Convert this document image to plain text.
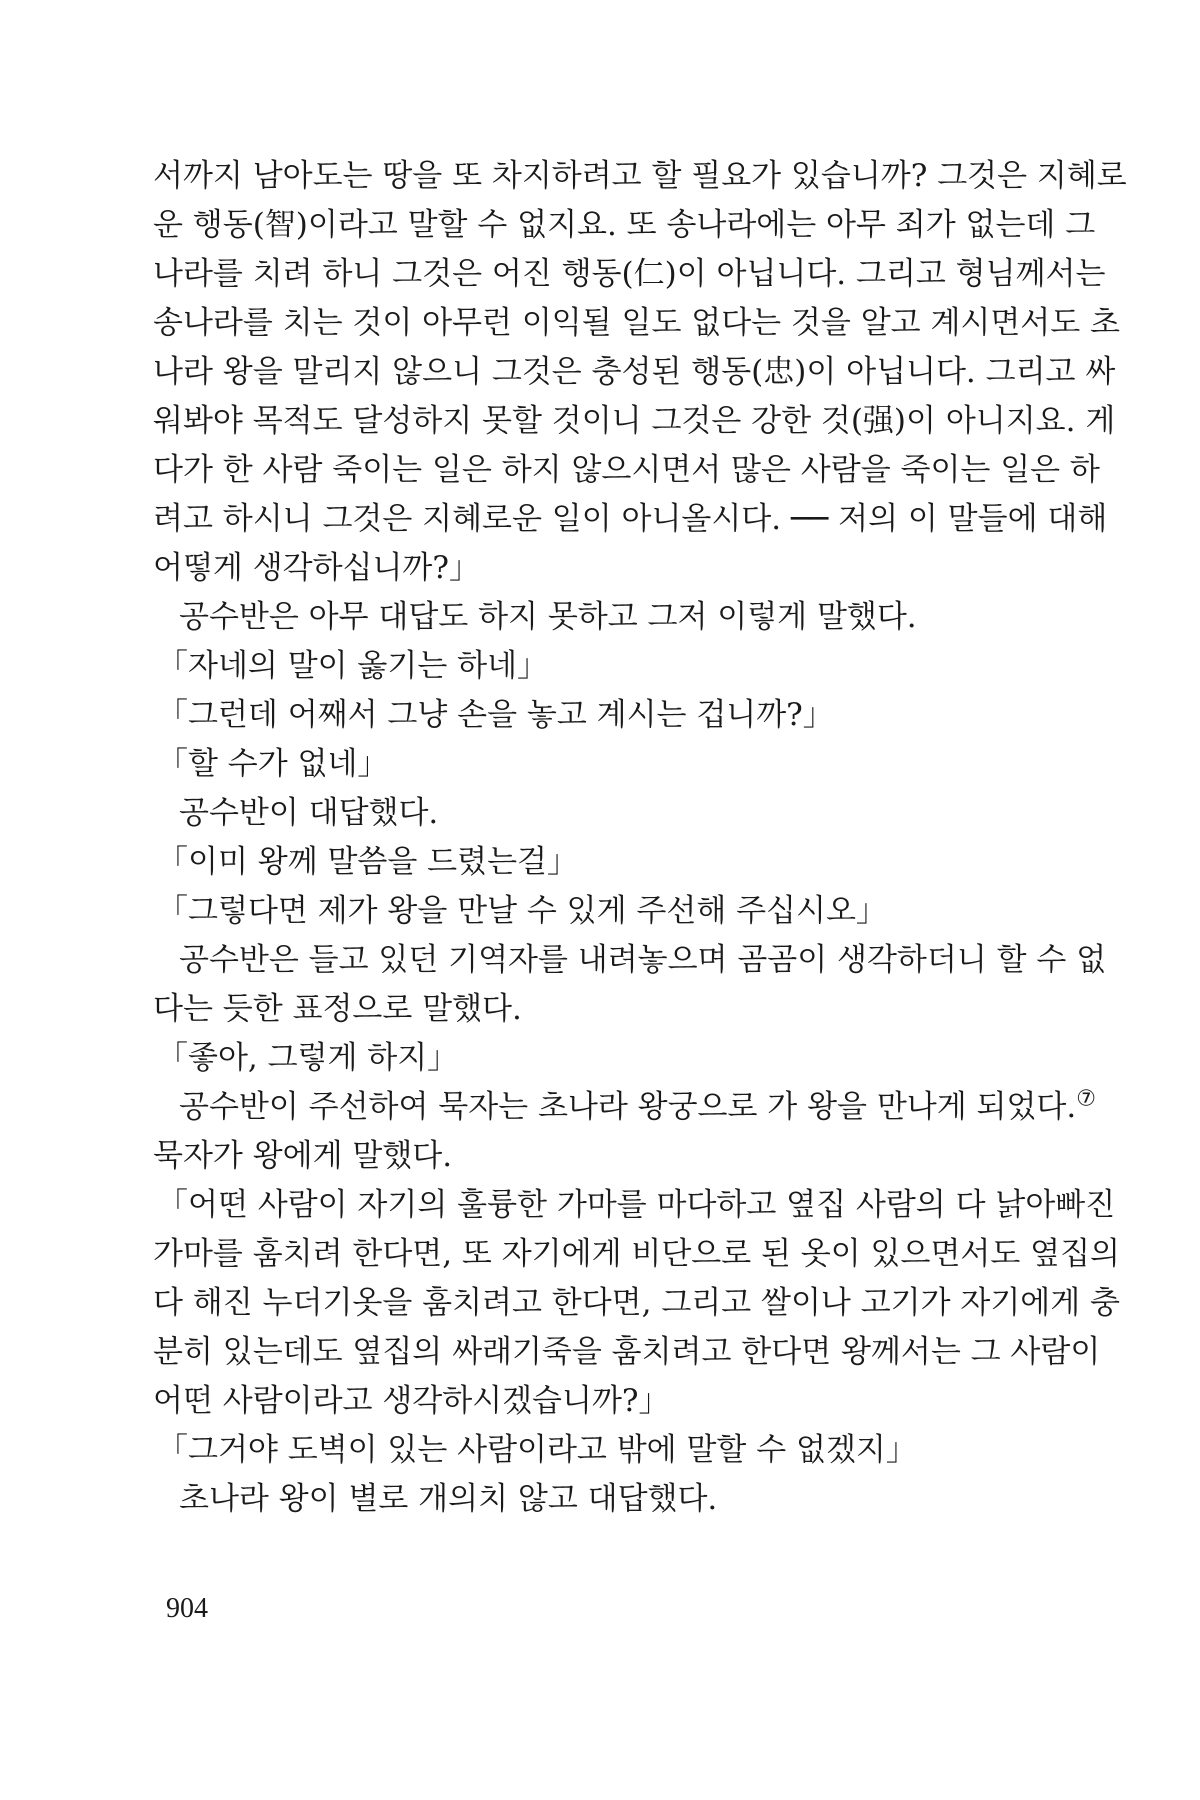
서까지 남아도는 땅을 또 차지하려고 할 필요가 있습니까? 그것은 지혜로
운 행동(智)이라고 말할 수 없지요. 또 송나라에는 아무 죄가 없는데 그
나라를 치려 하니 그것은 어진 행동(仁)이 아닙니다. 그리고 형님께서는
송나라를 치는 것이 아무런 이익될 일도 없다는 것을 알고 계시면서도 초
나라 왕을 말리지 않으니 그것은 충성된 행동(忠)이 아닙니다. 그리고 싸
워봐야 목적도 달성하지 못할 것이니 그것은 강한 것(强)이 아니지요. 게
다가 한 사람 죽이는 일은 하지 않으시면서 많은 사람을 죽이는 일은 하
려고 하시니 그것은 지혜로운 일이 아니올시다. ── 저의 이 말들에 대해
어떻게 생각하십니까?」
공수반은 아무 대답도 하지 못하고 그저 이렇게 말했다.
「자네의 말이 옳기는 하네」
「그런데 어째서 그냥 손을 놓고 계시는 겁니까?」
「할 수가 없네」
공수반이 대답했다.
「이미 왕께 말씀을 드렸는걸」
「그렇다면 제가 왕을 만날 수 있게 주선해 주십시오」
공수반은 들고 있던 기역자를 내려놓으며 곰곰이 생각하더니 할 수 없
다는 듯한 표정으로 말했다.
「좋아, 그렇게 하지」
공수반이 주선하여 묵자는 초나라 왕궁으로 가 왕을 만나게 되었다.⑦
묵자가 왕에게 말했다.
「어떤 사람이 자기의 훌륭한 가마를 마다하고 옆집 사람의 다 낡아빠진
가마를 훔치려 한다면, 또 자기에게 비단으로 된 옷이 있으면서도 옆집의
다 해진 누더기옷을 훔치려고 한다면, 그리고 쌀이나 고기가 자기에게 충
분히 있는데도 옆집의 싸래기죽을 훔치려고 한다면 왕께서는 그 사람이
어떤 사람이라고 생각하시겠습니까?」
「그거야 도벽이 있는 사람이라고 밖에 말할 수 없겠지」
초나라 왕이 별로 개의치 않고 대답했다.
904
